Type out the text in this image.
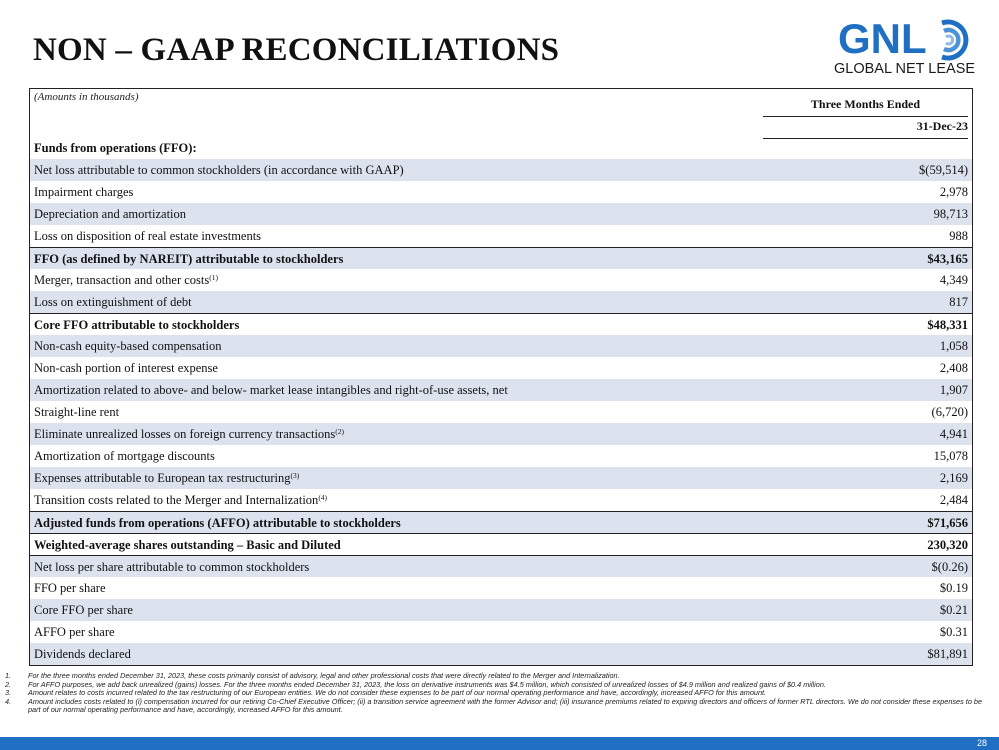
NON – GAAP RECONCILIATIONS	GNL
GLOBAL NET LEASE
(Amounts in thousands)	Three Months Ended
31-Dec-23
Funds from operations (FFO):
Net loss attributable to common stockholders (in accordance with GAAP)	$(59,514)
Impairment charges	2,978
Depreciation and amortization	98,713
Loss on disposition of real estate investments	988
FFO (as defined by NAREIT) attributable to stockholders	$43,165
Merger, transaction and other costs$^{(1)}$	4,349
Loss on extinguishment of debt	817
Core FFO attributable to stockholders	$48,331
Non-cash equity-based compensation	1,058
Non-cash portion of interest expense	2,408
Amortization related to above- and below- market lease intangibles and right-of-use assets, net	1,907
Straight-line rent	(6,720)
Eliminate unrealized losses on foreign currency transactions$^{(2)}$	4,941
Amortization of mortgage discounts	15,078
Expenses attributable to European tax restructuring$^{(3)}$	2,169
Transition costs related to the Merger and Internalization$^{(4)}$	2,484
Adjusted funds from operations (AFFO) attributable to stockholders	$71,656
Weighted-average shares outstanding – Basic and Diluted	230,320
Net loss per share attributable to common stockholders	$(0.26)
FFO per share	$0.19
Core FFO per share	$0.21
AFFO per share	$0.31
Dividends declared	$81,891
1. For the three months ended December 31, 2023, these costs primarily consist of advisory, legal and other professional costs that were directly related to the Merger and Internalization.
2. For AFFO purposes, we add back unrealized (gains) losses. For the three months ended December 31, 2023, the loss on derivative instruments was $4.5 million, which consisted of unrealized losses of $4.9 million and realized gains of $0.4 million.
3. Amount relates to costs incurred related to the tax restructuring of our European entities. We do not consider these expenses to be part of our normal operating performance and have, accordingly, increased AFFO for this amount.
4. Amount includes costs related to (i) compensation incurred for our retiring Co-Chief Executive Officer; (ii) a transition service agreement with the former Advisor and; (iii) insurance premiums related to expiring directors and officers of former RTL directors. We do not consider these expenses to be part of our normal operating performance and have, accordingly, increased AFFO for this amount.
28
